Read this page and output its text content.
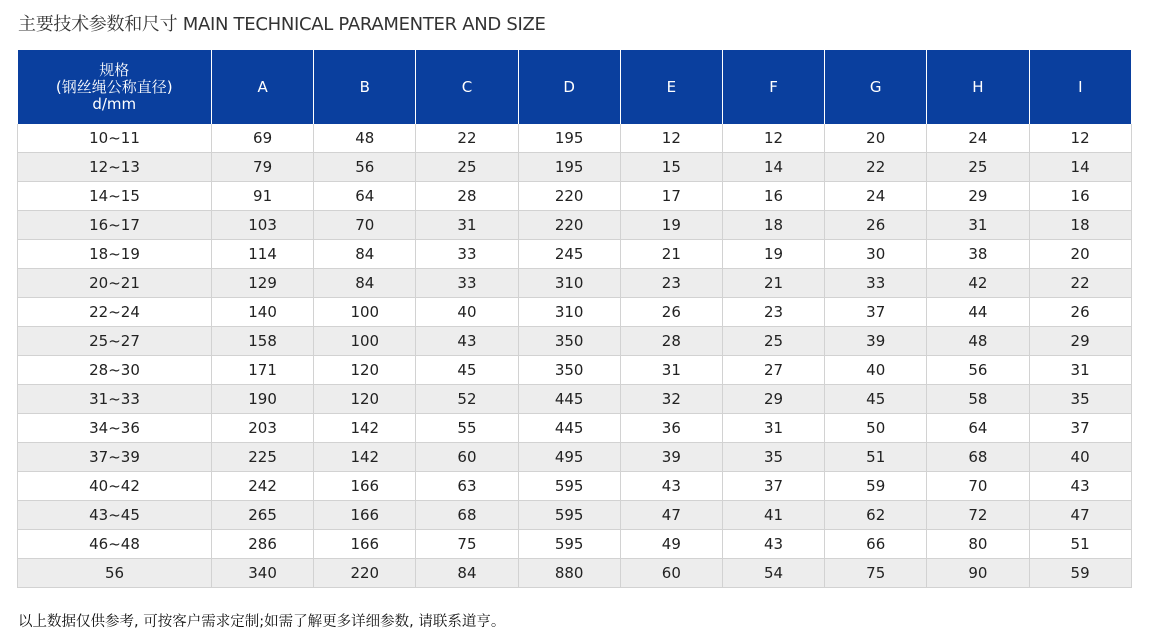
主要技术参数和尺寸 MAIN TECHNICAL PARAMENTER AND SIZE
规格
(钢丝绳公称直径)
d/mm	A	B	C	D	E	F	G	H	I
10~11	69	48	22	195	12	12	20	24	12
12~13	79	56	25	195	15	14	22	25	14
14~15	91	64	28	220	17	16	24	29	16
16~17	103	70	31	220	19	18	26	31	18
18~19	114	84	33	245	21	19	30	38	20
20~21	129	84	33	310	23	21	33	42	22
22~24	140	100	40	310	26	23	37	44	26
25~27	158	100	43	350	28	25	39	48	29
28~30	171	120	45	350	31	27	40	56	31
31~33	190	120	52	445	32	29	45	58	35
34~36	203	142	55	445	36	31	50	64	37
37~39	225	142	60	495	39	35	51	68	40
40~42	242	166	63	595	43	37	59	70	43
43~45	265	166	68	595	47	41	62	72	47
46~48	286	166	75	595	49	43	66	80	51
56	340	220	84	880	60	54	75	90	59
以上数据仅供参考, 可按客户需求定制;如需了解更多详细参数, 请联系道亨。
